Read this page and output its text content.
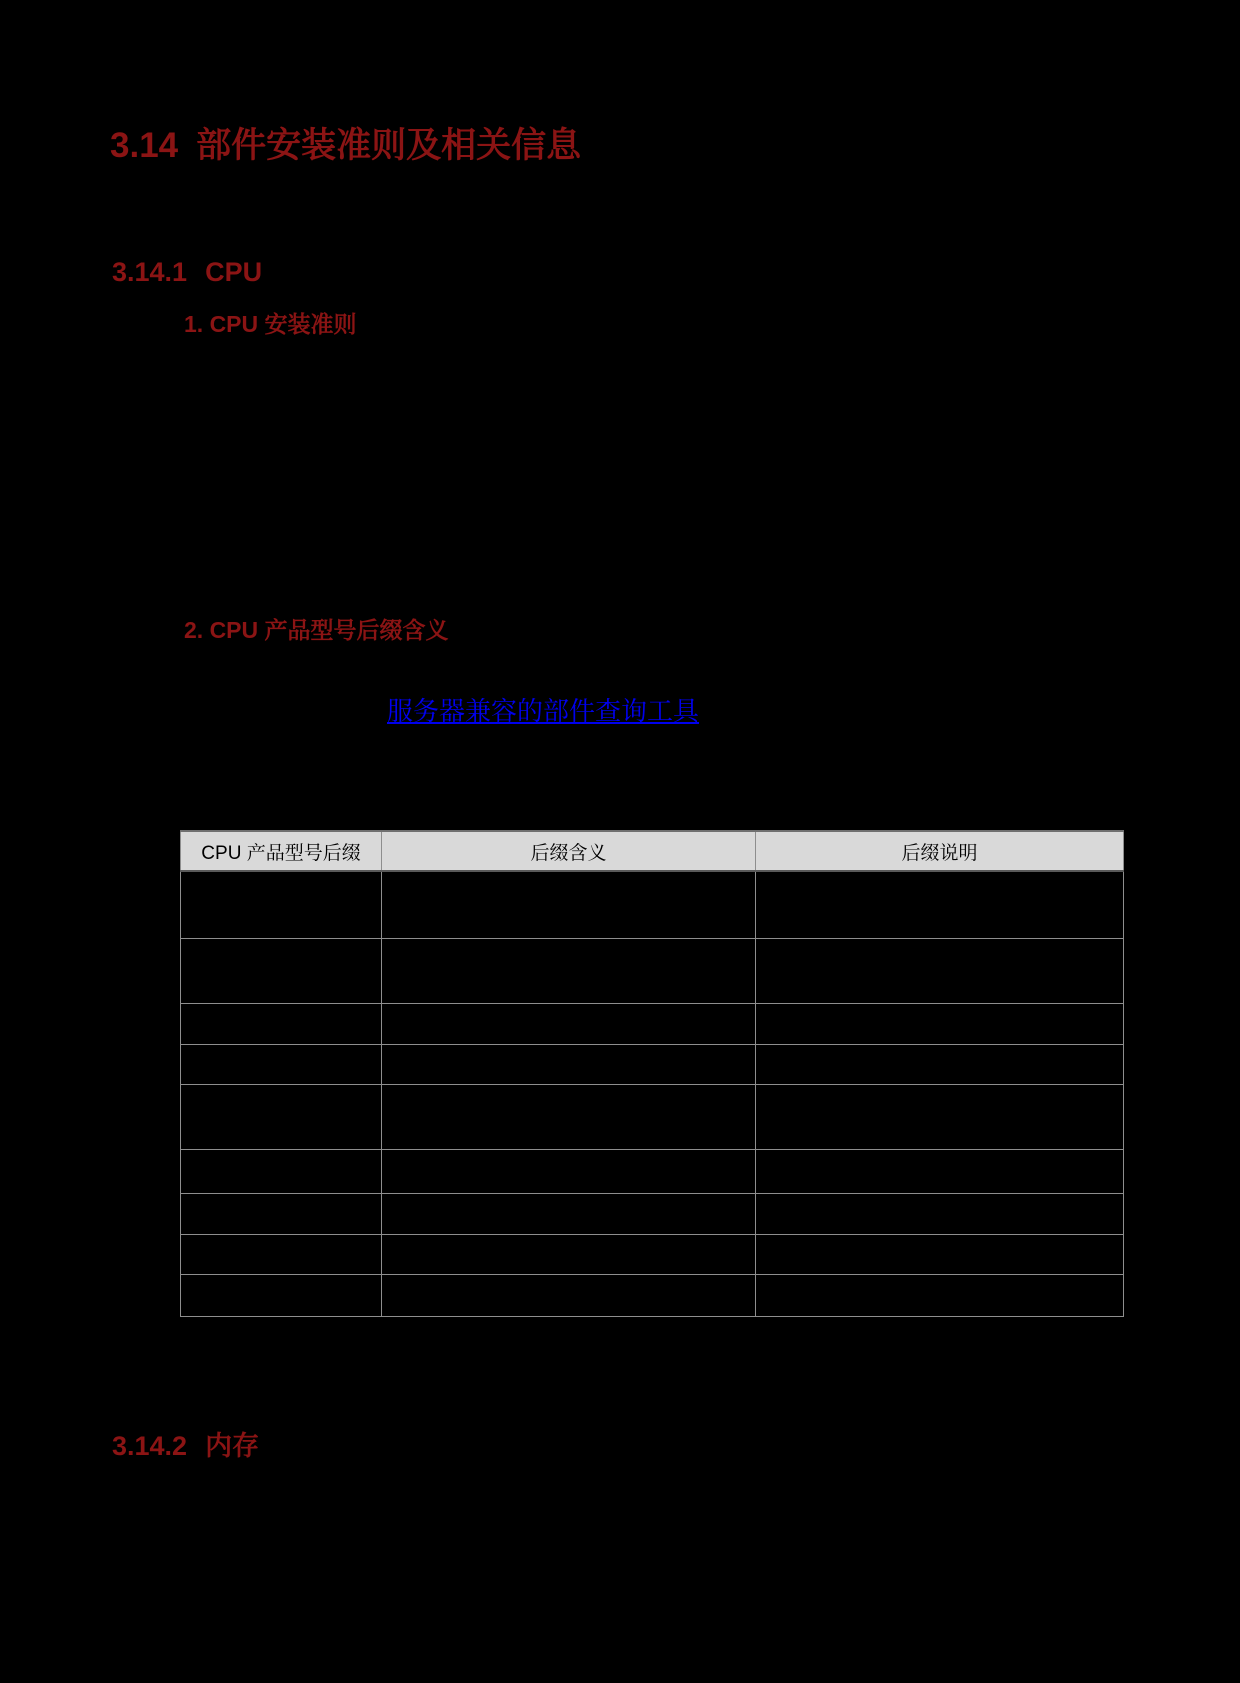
3.14 部件安装准则及相关信息
3.14.1 CPU
1. CPU 安装准则
2. CPU 产品型号后缀含义
服务器兼容的部件查询工具
CPU 产品型号后缀	后缀含义	后缀说明

3.14.2 内存
